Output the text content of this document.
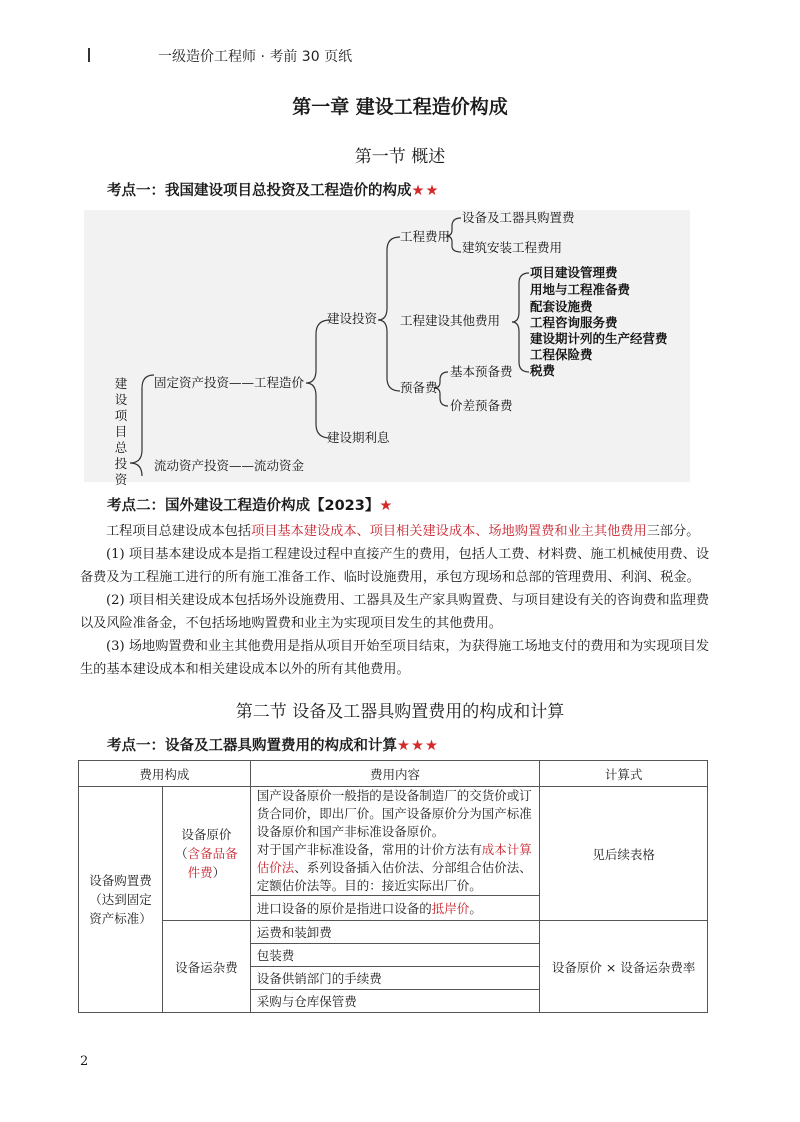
一级造价工程师 · 考前 30 页纸
第一章 建设工程造价构成
第一节 概述
考点一：我国建设项目总投资及工程造价的构成★★
建设项目总投资
固定资产投资——工程造价
流动资产投资——流动资金
建设投资
建设期利息
工程费用
工程建设其他费用
预备费
设备及工器具购置费
建筑安装工程费用
项目建设管理费
用地与工程准备费
配套设施费
工程咨询服务费
建设期计列的生产经营费
工程保险费
税费
基本预备费
价差预备费
考点二：国外建设工程造价构成【2023】★
工程项目总建设成本包括项目基本建设成本、项目相关建设成本、场地购置费和业主其他费用三部分。
(1) 项目基本建设成本是指工程建设过程中直接产生的费用，包括人工费、材料费、施工机械使用费、设备费及为工程施工进行的所有施工准备工作、临时设施费用，承包方现场和总部的管理费用、利润、税金。
(2) 项目相关建设成本包括场外设施费用、工器具及生产家具购置费、与项目建设有关的咨询费和监理费以及风险准备金，不包括场地购置费和业主为实现项目发生的其他费用。
(3) 场地购置费和业主其他费用是指从项目开始至项目结束，为获得施工场地支付的费用和为实现项目发生的基本建设成本和相关建设成本以外的所有其他费用。
第二节 设备及工器具购置费用的构成和计算
考点一：设备及工器具购置费用的构成和计算★★★
费用构成		费用内容	计算式
设备购置费（达到固定资产标准）	设备原价（含备品备件费）	国产设备原价一般指的是设备制造厂的交货价或订货合同价，即出厂价。国产设备原价分为国产标准设备原价和国产非标准设备原价。
对于国产非标准设备，常用的计价方法有成本计算估价法、系列设备插入估价法、分部组合估价法、定额估价法等。目的：接近实际出厂价。	见后续表格
		进口设备的原价是指进口设备的抵岸价。	
	设备运杂费	运费和装卸费	设备原价 × 设备运杂费率
		包装费	
		设备供销部门的手续费	
		采购与仓库保管费	
2
